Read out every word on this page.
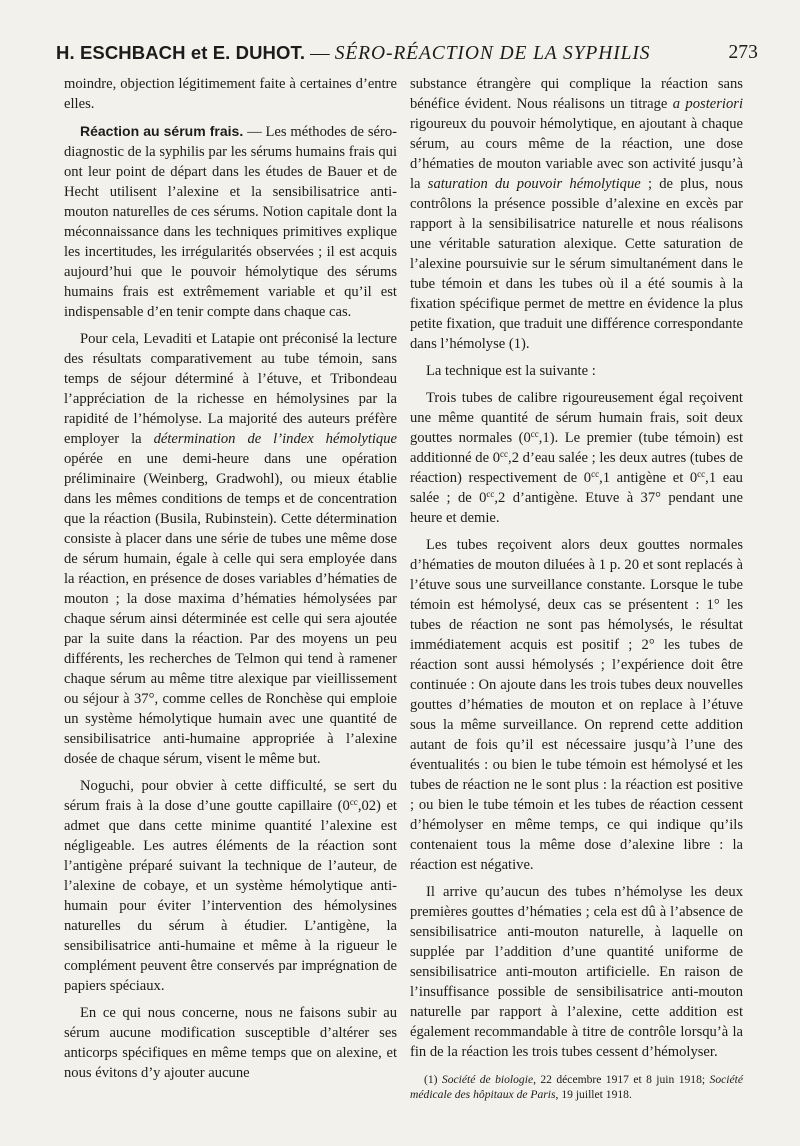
H. ESCHBACH et E. DUHOT. — SÉRO-RÉACTION DE LA SYPHILIS	273

moindre, objection légitimement faite à certaines d’entre elles.

Réaction au sérum frais. — Les méthodes de séro-diagnostic de la syphilis par les sérums humains frais qui ont leur point de départ dans les études de Bauer et de Hecht utilisent l’alexine et la sensibilisatrice anti-mouton naturelles de ces sérums. Notion capitale dont la méconnaissance dans les techniques primitives explique les incertitudes, les irrégularités observées ; il est acquis aujourd’hui que le pouvoir hémolytique des sérums humains frais est extrêmement variable et qu’il est indispensable d’en tenir compte dans chaque cas.

Pour cela, Levaditi et Latapie ont préconisé la lecture des résultats comparativement au tube témoin, sans temps de séjour déterminé à l’étuve, et Tribondeau l’appréciation de la richesse en hémolysines par la rapidité de l’hémolyse. La majorité des auteurs préfère employer la détermination de l’index hémolytique opérée en une demi-heure dans une opération préliminaire (Weinberg, Gradwohl), ou mieux établie dans les mêmes conditions de temps et de concentration que la réaction (Busila, Rubinstein). Cette détermination consiste à placer dans une série de tubes une même dose de sérum humain, égale à celle qui sera employée dans la réaction, en présence de doses variables d’hématies de mouton ; la dose maxima d’hématies hémolysées par chaque sérum ainsi déterminée est celle qui sera ajoutée par la suite dans la réaction. Par des moyens un peu différents, les recherches de Telmon qui tend à ramener chaque sérum au même titre alexique par vieillissement ou séjour à 37°, comme celles de Ronchèse qui emploie un système hémolytique humain avec une quantité de sensibilisatrice anti-humaine appropriée à l’alexine dosée de chaque sérum, visent le même but.

Noguchi, pour obvier à cette difficulté, se sert du sérum frais à la dose d’une goutte capillaire $(0^{cc},02)$ et admet que dans cette minime quantité l’alexine est négligeable. Les autres éléments de la réaction sont l’antigène préparé suivant la technique de l’auteur, de l’alexine de cobaye, et un système hémolytique anti-humain pour éviter l’intervention des hémolysines naturelles du sérum à étudier. L’antigène, la sensibilisatrice anti-humaine et même à la rigueur le complément peuvent être conservés par imprégnation de papiers spéciaux.

En ce qui nous concerne, nous ne faisons subir au sérum aucune modification susceptible d’altérer ses anticorps spécifiques en même temps que on alexine, et nous évitons d’y ajouter aucune

substance étrangère qui complique la réaction sans bénéfice évident. Nous réalisons un titrage a posteriori rigoureux du pouvoir hémolytique, en ajoutant à chaque sérum, au cours même de la réaction, une dose d’hématies de mouton variable avec son activité jusqu’à la saturation du pouvoir hémolytique ; de plus, nous contrôlons la présence possible d’alexine en excès par rapport à la sensibilisatrice naturelle et nous réalisons une véritable saturation alexique. Cette saturation de l’alexine poursuivie sur le sérum simultanément dans le tube témoin et dans les tubes où il a été soumis à la fixation spécifique permet de mettre en évidence la plus petite fixation, que traduit une différence correspondante dans l’hémolyse (1).

La technique est la suivante :

Trois tubes de calibre rigoureusement égal reçoivent une même quantité de sérum humain frais, soit deux gouttes normales $(0^{cc},1)$. Le premier (tube témoin) est additionné de $0^{cc},2$ d’eau salée ; les deux autres (tubes de réaction) respectivement de $0^{cc},1$ antigène et $0^{cc},1$ eau salée ; de $0^{cc},2$ d’antigène. Etuve à 37° pendant une heure et demie.

Les tubes reçoivent alors deux gouttes normales d’hématies de mouton diluées à 1 p. 20 et sont replacés à l’étuve sous une surveillance constante. Lorsque le tube témoin est hémolysé, deux cas se présentent : 1° les tubes de réaction ne sont pas hémolysés, le résultat immédiatement acquis est positif ; 2° les tubes de réaction sont aussi hémolysés ; l’expérience doit être continuée : On ajoute dans les trois tubes deux nouvelles gouttes d’hématies de mouton et on replace à l’étuve sous la même surveillance. On reprend cette addition autant de fois qu’il est nécessaire jusqu’à l’une des éventualités : ou bien le tube témoin est hémolysé et les tubes de réaction ne le sont plus : la réaction est positive ; ou bien le tube témoin et les tubes de réaction cessent d’hémolyser en même temps, ce qui indique qu’ils contenaient tous la même dose d’alexine libre : la réaction est négative.

Il arrive qu’aucun des tubes n’hémolyse les deux premières gouttes d’hématies ; cela est dû à l’absence de sensibilisatrice anti-mouton naturelle, à laquelle on supplée par l’addition d’une quantité uniforme de sensibilisatrice anti-mouton artificielle. En raison de l’insuffisance possible de sensibilisatrice anti-mouton naturelle par rapport à l’alexine, cette addition est également recommandable à titre de contrôle lorsqu’à la fin de la réaction les trois tubes cessent d’hémolyser.

(1) Société de biologie, 22 décembre 1917 et 8 juin 1918; Société médicale des hôpitaux de Paris, 19 juillet 1918.
